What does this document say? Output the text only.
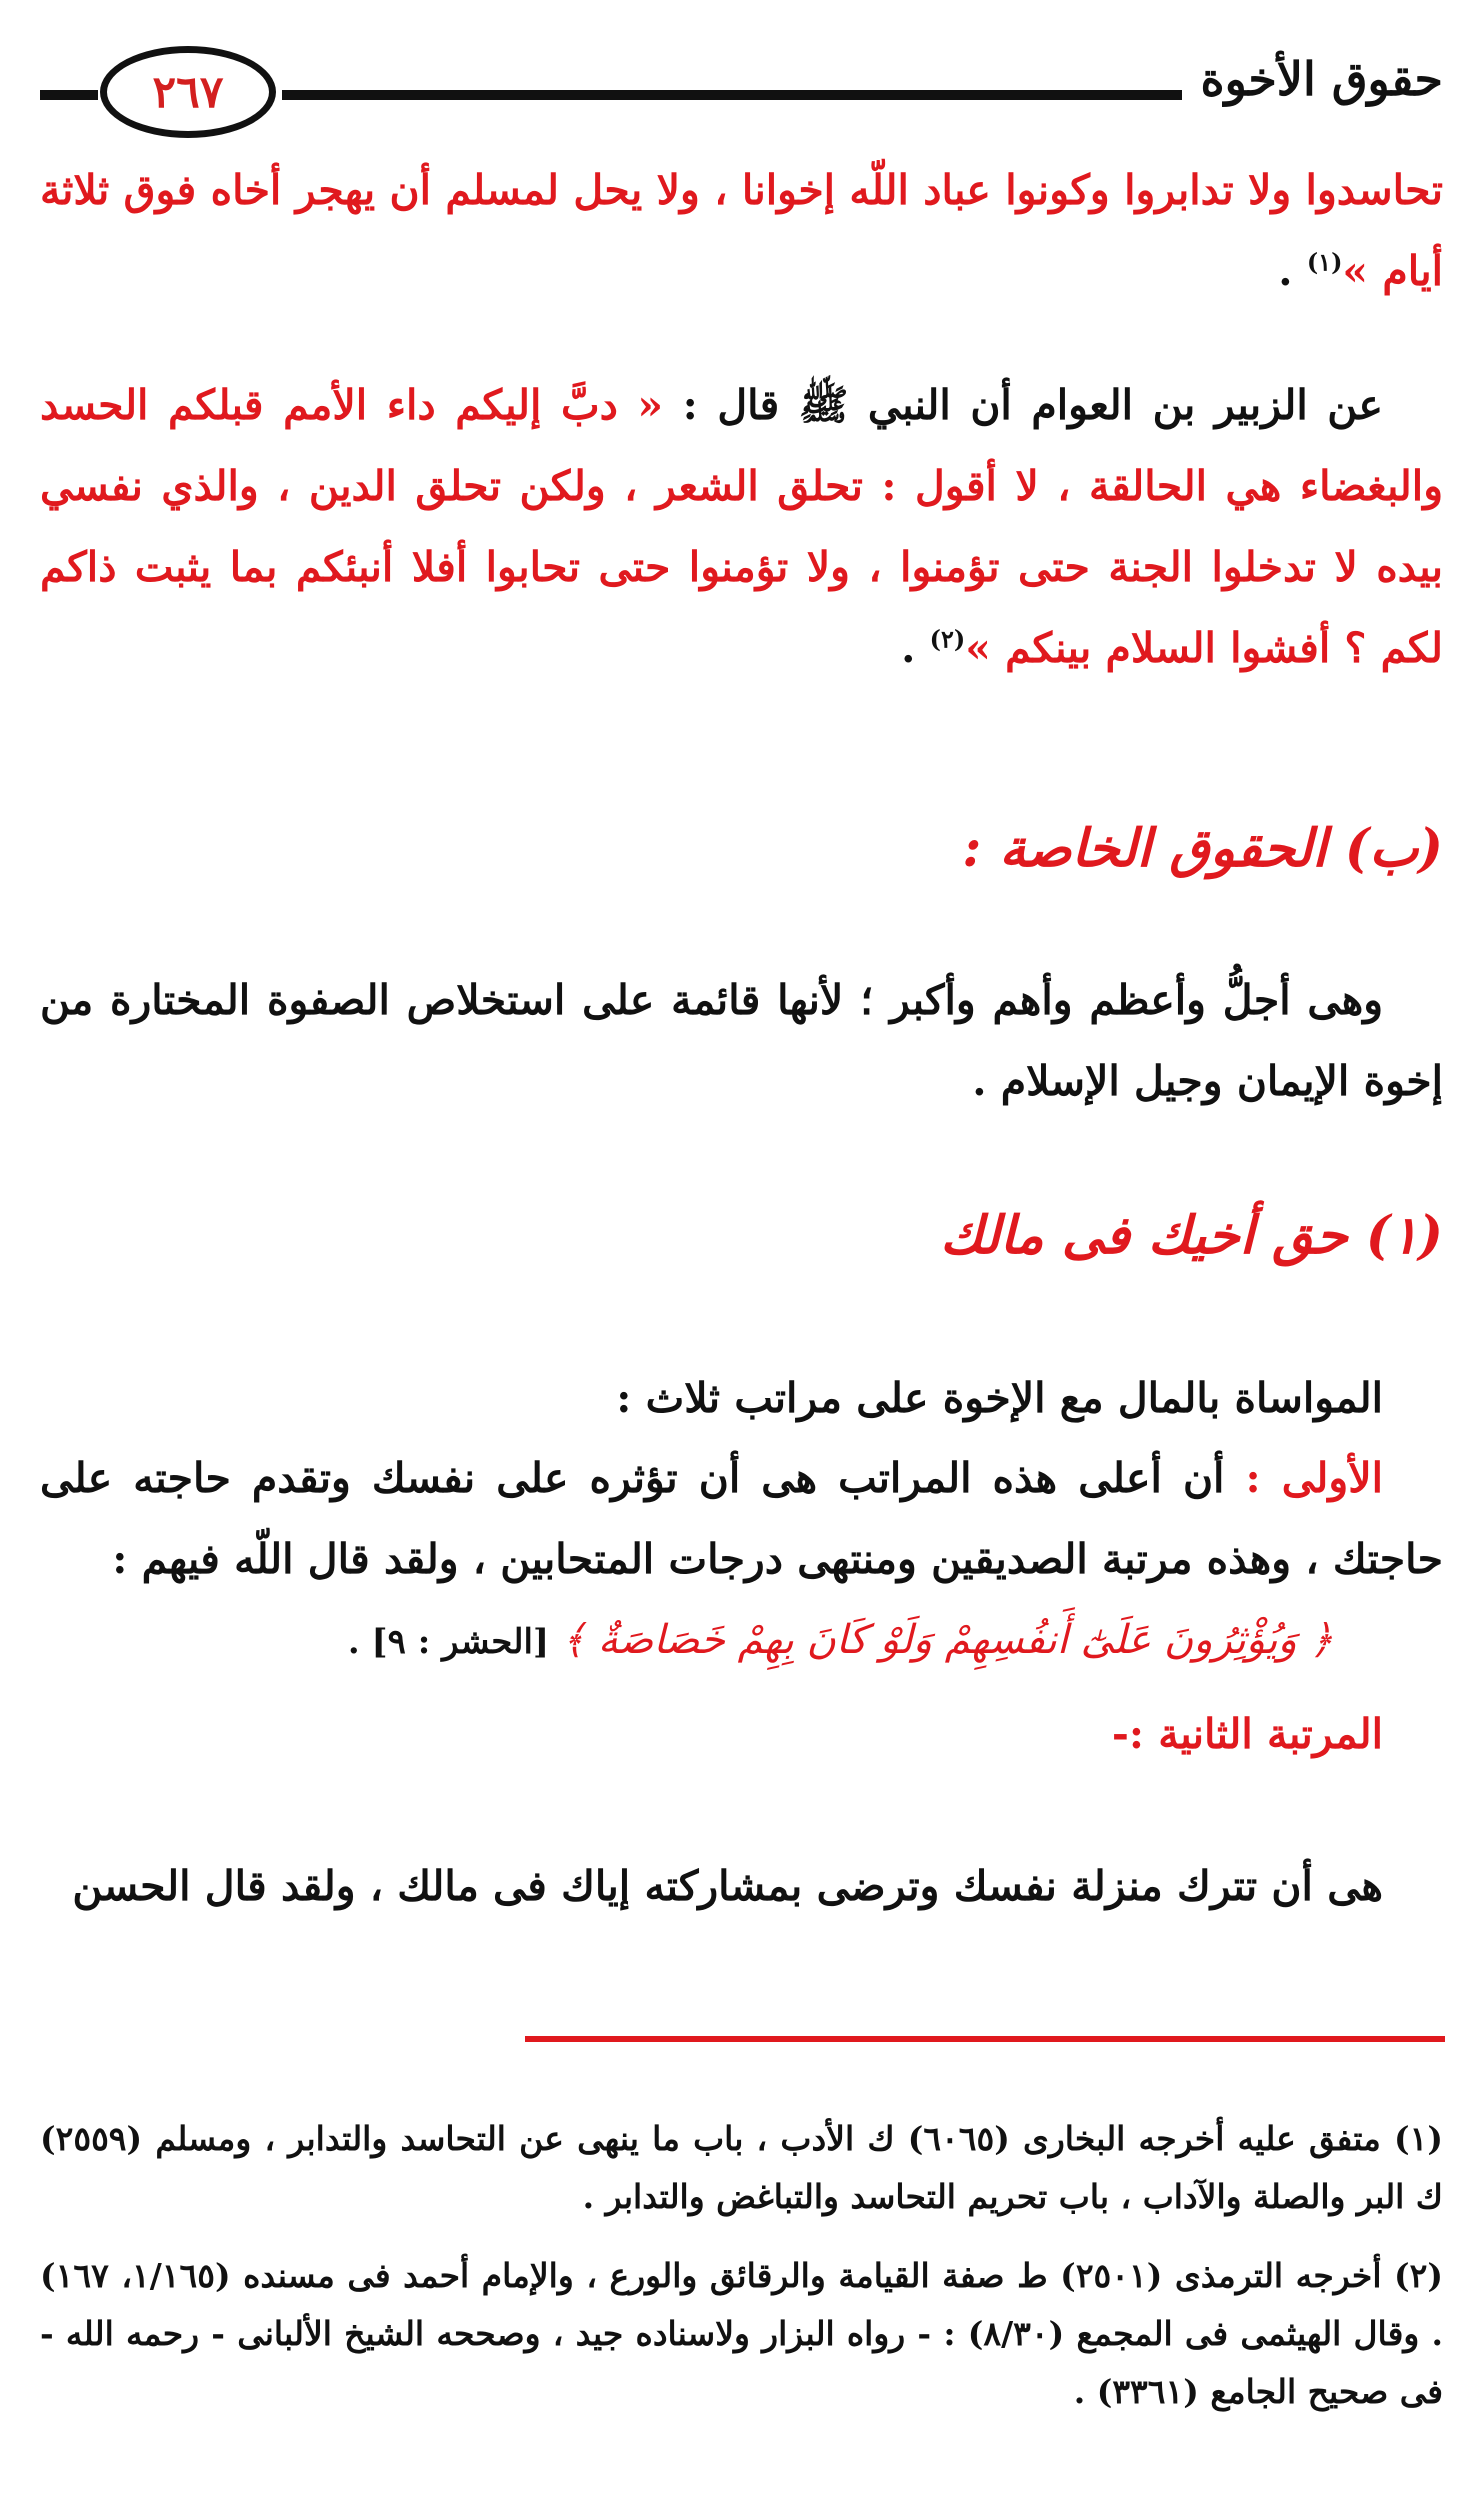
حقوق الأخوة
٢٦٧
تحاسدوا ولا تدابروا وكونوا عباد اللّه إخوانا ، ولا يحل لمسلم أن يهجر أخاه فوق ثلاثة أيام »$^{(١)}$ .
عن الزبير بن العوام أن النبي ﷺ قال : « دبَّ إليكم داء الأمم قبلكم الحسد والبغضاء هي الحالقة ، لا أقول : تحلق الشعر ، ولكن تحلق الدين ، والذي نفسي بيده لا تدخلوا الجنة حتى تؤمنوا ، ولا تؤمنوا حتى تحابوا أفلا أنبئكم بما يثبت ذاكم لكم ؟ أفشوا السلام بينكم »$^{(٢)}$ .
(ب) الحقوق الخاصة :
وهى أجلُّ وأعظم وأهم وأكبر ؛ لأنها قائمة على استخلاص الصفوة المختارة من إخوة الإيمان وجيل الإسلام .
(١) حق أخيك فى مالك
المواساة بالمال مع الإخوة على مراتب ثلاث :
الأولى : أن أعلى هذه المراتب هى أن تؤثره على نفسك وتقدم حاجته على حاجتك ، وهذه مرتبة الصديقين ومنتهى درجات المتحابين ، ولقد قال اللّه فيهم :
﴿ وَيُؤْثِرُونَ عَلَىٰٓ أَنفُسِهِمْ وَلَوْ كَانَ بِهِمْ خَصَاصَةٌ ﴾ [الحشر : ٩] .
المرتبة الثانية :-
هى أن تترك منزلة نفسك وترضى بمشاركته إياك فى مالك ، ولقد قال الحسن
(١) متفق عليه أخرجه البخارى (٦٠٦٥) ك الأدب ، باب ما ينهى عن التحاسد والتدابر ، ومسلم (٢٥٥٩) ك البر والصلة والآداب ، باب تحريم التحاسد والتباغض والتدابر .
(٢) أخرجه الترمذى (٢٥٠١) ط صفة القيامة والرقائق والورع ، والإمام أحمد فى مسنده (١/١٦٥، ١٦٧) . وقال الهيثمى فى المجمع (٨/٣٠) : - رواه البزار ولاسناده جيد ، وصححه الشيخ الألبانى - رحمه الله - فى صحيح الجامع (٣٣٦١) .
